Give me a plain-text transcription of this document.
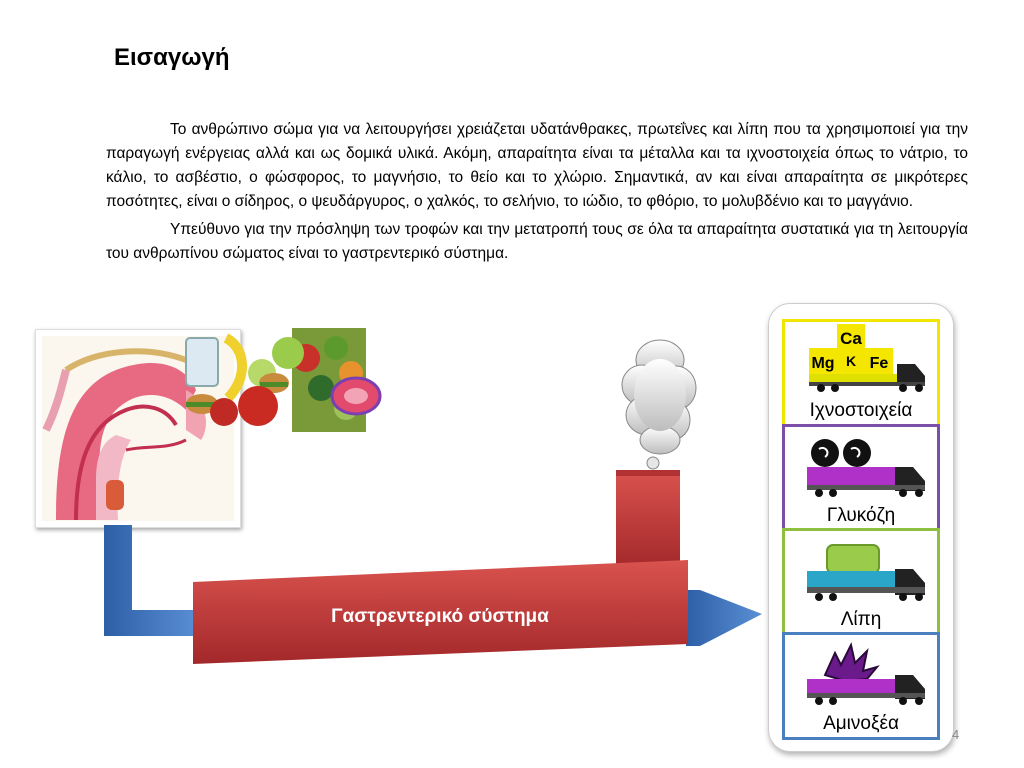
Εισαγωγή

Το ανθρώπινο σώμα για να λειτουργήσει χρειάζεται υδατάνθρακες, πρωτεΐνες και λίπη που τα χρησιμοποιεί για την παραγωγή ενέργειας αλλά και ως δομικά υλικά. Ακόμη, απαραίτητα είναι τα μέταλλα και τα ιχνοστοιχεία όπως το νάτριο, το κάλιο, το ασβέστιο, ο φώσφορος, το μαγνήσιο, το θείο και το χλώριο. Σημαντικά, αν και είναι απαραίτητα σε μικρότερες ποσότητες, είναι ο σίδηρος, ο ψευδάργυρος, ο χαλκός, το σελήνιο, το ιώδιο, το φθόριο, το μολυβδένιο και το μαγγάνιο.

Υπεύθυνο για την πρόσληψη των τροφών και την μετατροπή τους σε όλα τα απαραίτητα συστατικά για τη λειτουργία του ανθρωπίνου σώματος είναι το γαστρεντερικό σύστημα.

Γαστρεντερικό σύστημα
Ca
Mg K Fe
Ιχνοστοιχεία
Γλυκόζη
Λίπη
Αμινοξέα
4
